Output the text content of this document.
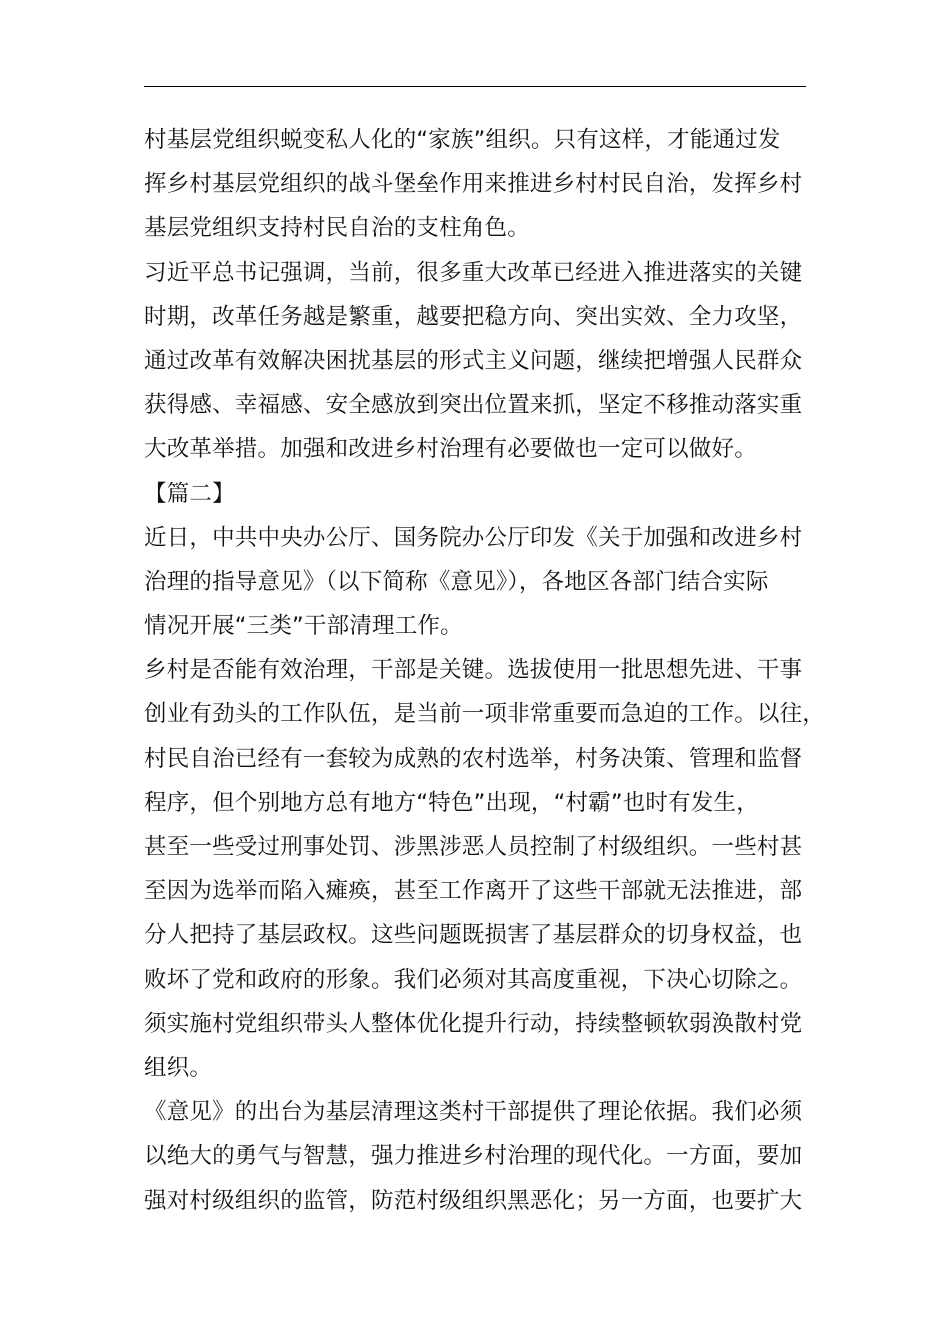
村基层党组织蜕变私人化的“家族”组织。只有这样，才能通过发
挥乡村基层党组织的战斗堡垒作用来推进乡村村民自治，发挥乡村
基层党组织支持村民自治的支柱角色。
习近平总书记强调，当前，很多重大改革已经进入推进落实的关键
时期，改革任务越是繁重，越要把稳方向、突出实效、全力攻坚，
通过改革有效解决困扰基层的形式主义问题，继续把增强人民群众
获得感、幸福感、安全感放到突出位置来抓，坚定不移推动落实重
大改革举措。加强和改进乡村治理有必要做也一定可以做好。
【篇二】
近日，中共中央办公厅、国务院办公厅印发《关于加强和改进乡村
治理的指导意见》（以下简称《意见》），各地区各部门结合实际
情况开展“三类”干部清理工作。
乡村是否能有效治理，干部是关键。选拔使用一批思想先进、干事
创业有劲头的工作队伍，是当前一项非常重要而急迫的工作。以往，
村民自治已经有一套较为成熟的农村选举，村务决策、管理和监督
程序，但个别地方总有地方“特色”出现，“村霸”也时有发生，
甚至一些受过刑事处罚、涉黑涉恶人员控制了村级组织。一些村甚
至因为选举而陷入瘫痪，甚至工作离开了这些干部就无法推进，部
分人把持了基层政权。这些问题既损害了基层群众的切身权益，也
败坏了党和政府的形象。我们必须对其高度重视，下决心切除之。
须实施村党组织带头人整体优化提升行动，持续整顿软弱涣散村党
组织。
《意见》的出台为基层清理这类村干部提供了理论依据。我们必须
以绝大的勇气与智慧，强力推进乡村治理的现代化。一方面，要加
强对村级组织的监管，防范村级组织黑恶化；另一方面，也要扩大
